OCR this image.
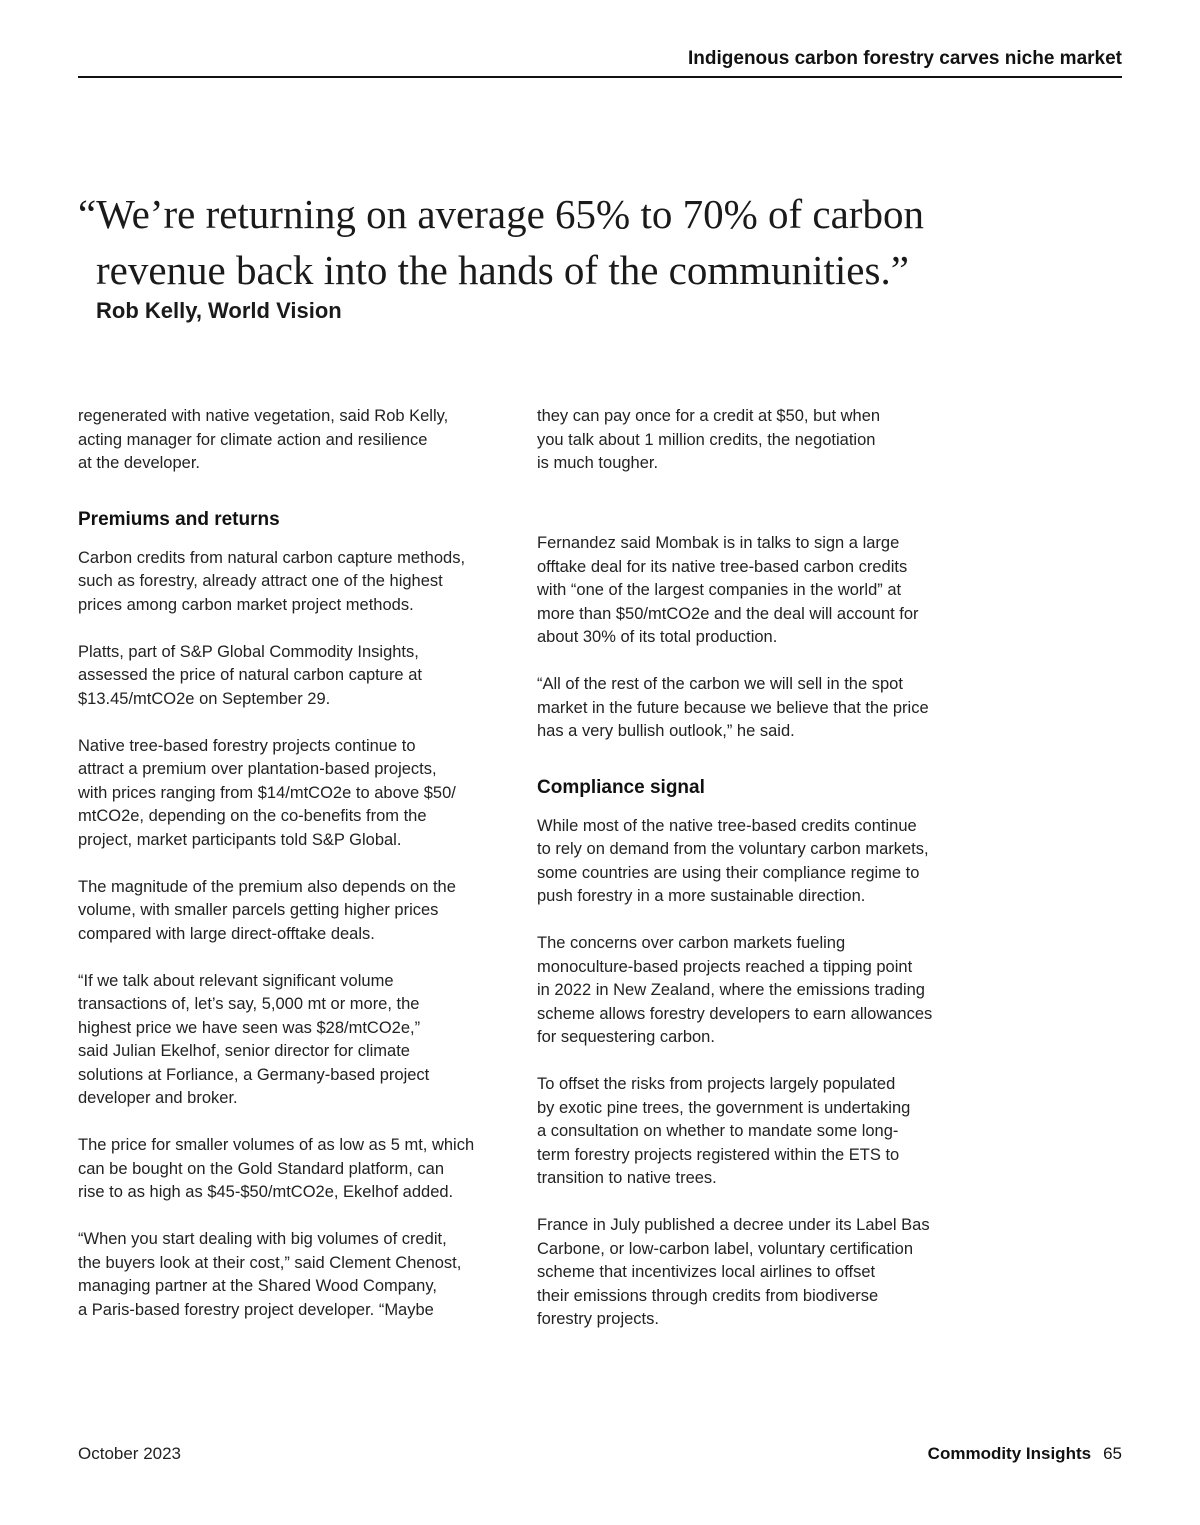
Indigenous carbon forestry carves niche market
“We’re returning on average 65% to 70% of carbon
revenue back into the hands of the communities.”
Rob Kelly, World Vision

regenerated with native vegetation, said Rob Kelly,
acting manager for climate action and resilience
at the developer.

Premiums and returns

Carbon credits from natural carbon capture methods,
such as forestry, already attract one of the highest
prices among carbon market project methods.

Platts, part of S&P Global Commodity Insights,
assessed the price of natural carbon capture at
$13.45/mtCO2e on September 29.

Native tree-based forestry projects continue to
attract a premium over plantation-based projects,
with prices ranging from $14/mtCO2e to above $50/
mtCO2e, depending on the co-benefits from the
project, market participants told S&P Global.

The magnitude of the premium also depends on the
volume, with smaller parcels getting higher prices
compared with large direct-offtake deals.

“If we talk about relevant significant volume
transactions of, let’s say, 5,000 mt or more, the
highest price we have seen was $28/mtCO2e,”
said Julian Ekelhof, senior director for climate
solutions at Forliance, a Germany-based project
developer and broker.

The price for smaller volumes of as low as 5 mt, which
can be bought on the Gold Standard platform, can
rise to as high as $45-$50/mtCO2e, Ekelhof added.

“When you start dealing with big volumes of credit,
the buyers look at their cost,” said Clement Chenost,
managing partner at the Shared Wood Company,
a Paris-based forestry project developer. “Maybe

they can pay once for a credit at $50, but when
you talk about 1 million credits, the negotiation
is much tougher.

Fernandez said Mombak is in talks to sign a large
offtake deal for its native tree-based carbon credits
with “one of the largest companies in the world” at
more than $50/mtCO2e and the deal will account for
about 30% of its total production.

“All of the rest of the carbon we will sell in the spot
market in the future because we believe that the price
has a very bullish outlook,” he said.

Compliance signal

While most of the native tree-based credits continue
to rely on demand from the voluntary carbon markets,
some countries are using their compliance regime to
push forestry in a more sustainable direction.

The concerns over carbon markets fueling
monoculture-based projects reached a tipping point
in 2022 in New Zealand, where the emissions trading
scheme allows forestry developers to earn allowances
for sequestering carbon.

To offset the risks from projects largely populated
by exotic pine trees, the government is undertaking
a consultation on whether to mandate some long-
term forestry projects registered within the ETS to
transition to native trees.

France in July published a decree under its Label Bas
Carbone, or low-carbon label, voluntary certification
scheme that incentivizes local airlines to offset
their emissions through credits from biodiverse
forestry projects.

October 2023	Commodity Insights 65
